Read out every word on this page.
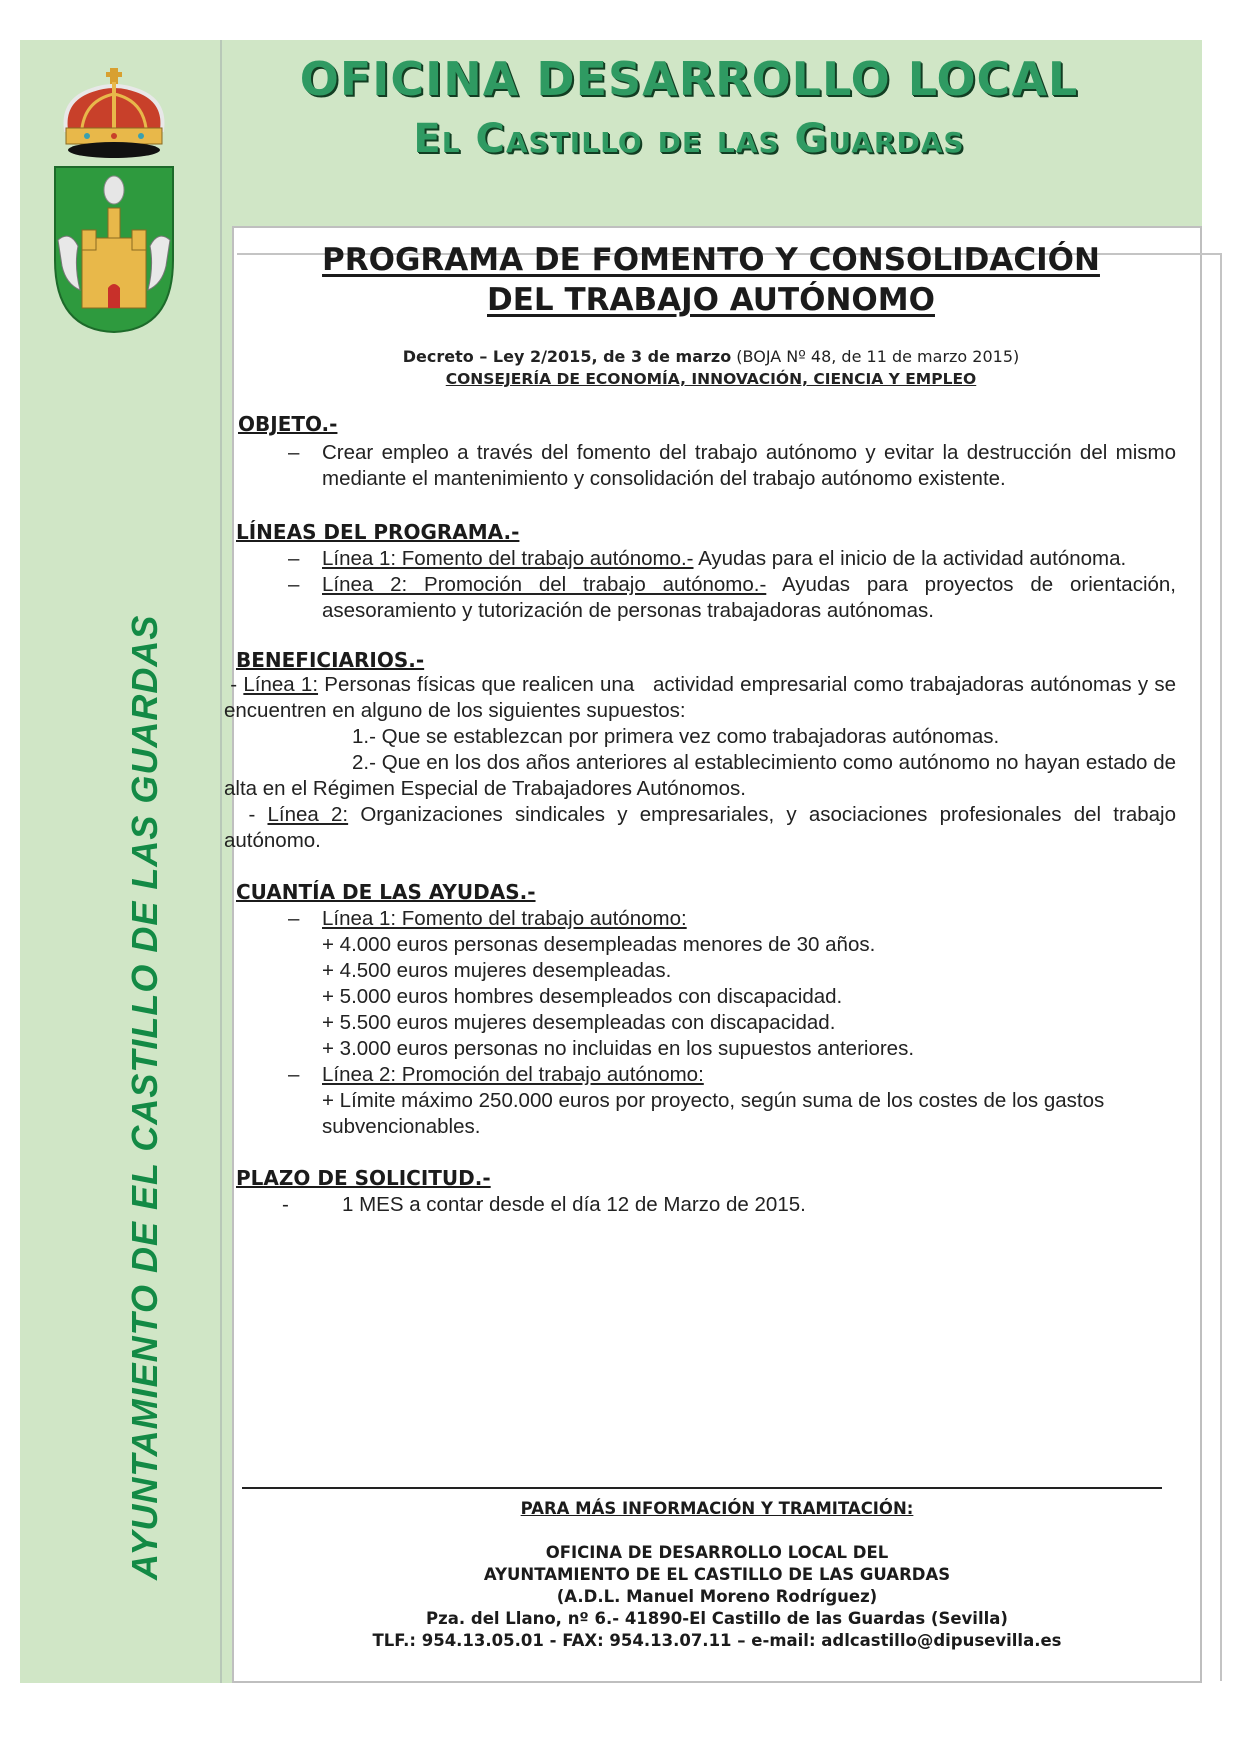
OFICINA DESARROLLO LOCAL
El Castillo de las Guardas
AYUNTAMIENTO DE EL CASTILLO DE LAS GUARDAS
PROGRAMA DE FOMENTO Y CONSOLIDACIÓN
DEL TRABAJO AUTÓNOMO
Decreto – Ley 2/2015, de 3 de marzo (BOJA Nº 48, de 11 de marzo 2015)
CONSEJERÍA DE ECONOMÍA, INNOVACIÓN, CIENCIA Y EMPLEO
OBJETO.-
– Crear empleo a través del fomento del trabajo autónomo y evitar la destrucción del mismo mediante el mantenimiento y consolidación del trabajo autónomo existente.
LÍNEAS DEL PROGRAMA.-
– Línea 1: Fomento del trabajo autónomo.- Ayudas para el inicio de la actividad autónoma.
– Línea 2: Promoción del trabajo autónomo.- Ayudas para proyectos de orientación, asesoramiento y tutorización de personas trabajadoras autónomas.
BENEFICIARIOS.-
- Línea 1: Personas físicas que realicen una   actividad empresarial como trabajadoras autónomas y se encuentren en alguno de los siguientes supuestos:
1.- Que se establezcan por primera vez como trabajadoras autónomas.
2.- Que en los dos años anteriores al establecimiento como autónomo no hayan estado de alta en el Régimen Especial de Trabajadores Autónomos.
- Línea 2: Organizaciones sindicales y empresariales, y asociaciones profesionales del trabajo autónomo.
CUANTÍA DE LAS AYUDAS.-
– Línea 1: Fomento del trabajo autónomo:
+ 4.000 euros personas desempleadas menores de 30 años.
+ 4.500 euros mujeres desempleadas.
+ 5.000 euros hombres desempleados con discapacidad.
+ 5.500 euros mujeres desempleadas con discapacidad.
+ 3.000 euros personas no incluidas en los supuestos anteriores.
– Línea 2: Promoción del trabajo autónomo:
+ Límite máximo 250.000 euros por proyecto, según suma de los costes de los gastos subvencionables.
PLAZO DE SOLICITUD.-
-	1 MES a contar desde el día 12 de Marzo de 2015.
PARA MÁS INFORMACIÓN Y TRAMITACIÓN:
OFICINA DE DESARROLLO LOCAL DEL
AYUNTAMIENTO DE EL CASTILLO DE LAS GUARDAS
(A.D.L. Manuel Moreno Rodríguez)
Pza. del Llano, nº 6.- 41890-El Castillo de las Guardas (Sevilla)
TLF.: 954.13.05.01 - FAX: 954.13.07.11 – e-mail: adlcastillo@dipusevilla.es
